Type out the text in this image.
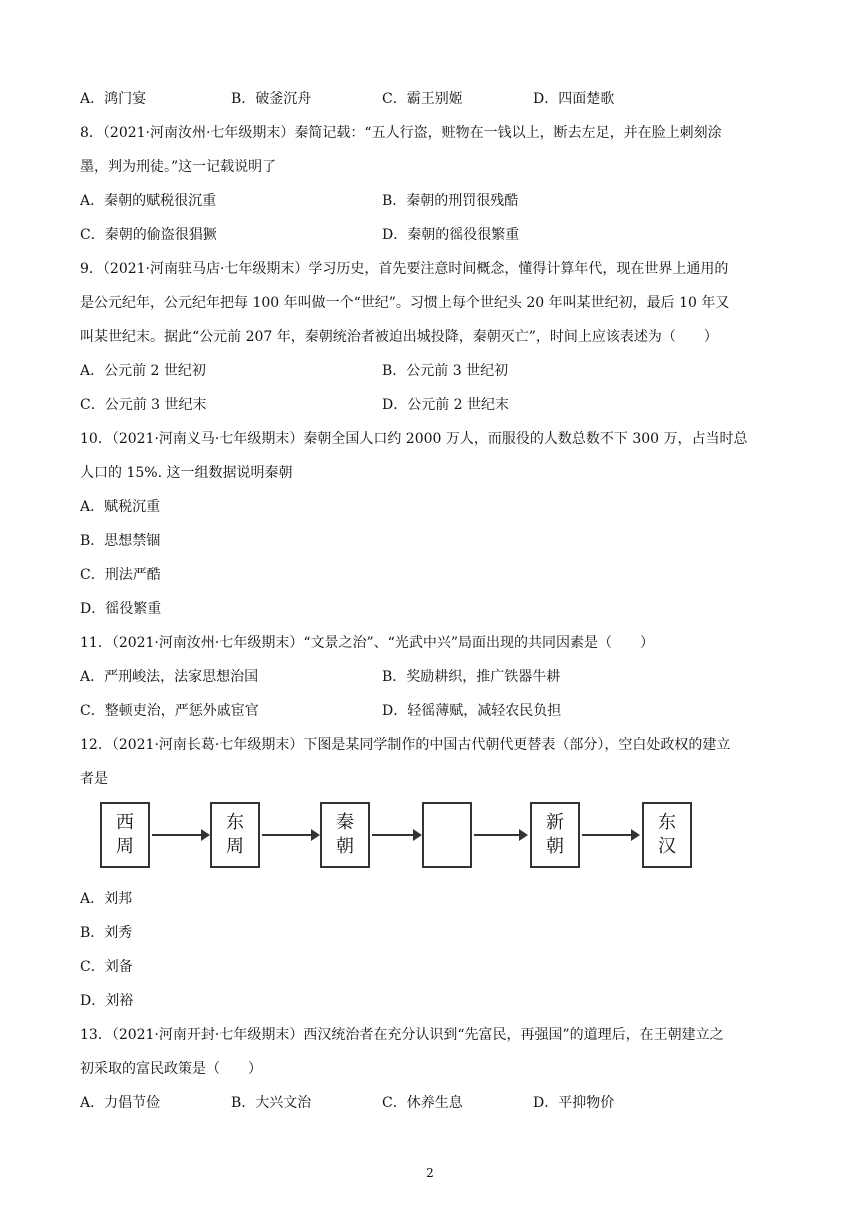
A．鸿门宴	B．破釜沉舟	C．霸王别姬	D．四面楚歌
8．（2021·河南汝州·七年级期末）秦简记载：“五人行盗，赃物在一钱以上，断去左足，并在脸上刺刻涂
墨，判为刑徒。”这一记载说明了
A．秦朝的赋税很沉重	B．秦朝的刑罚很残酷
C．秦朝的偷盗很猖獗	D．秦朝的徭役很繁重
9．（2021·河南驻马店·七年级期末）学习历史，首先要注意时间概念，懂得计算年代，现在世界上通用的
是公元纪年，公元纪年把每 100 年叫做一个“世纪”。习惯上每个世纪头 20 年叫某世纪初，最后 10 年又
叫某世纪末。据此“公元前 207 年，秦朝统治者被迫出城投降，秦朝灭亡”，时间上应该表述为（　　）
A．公元前 2 世纪初	B．公元前 3 世纪初
C．公元前 3 世纪末	D．公元前 2 世纪末
10．（2021·河南义马·七年级期末）秦朝全国人口约 2000 万人，而服役的人数总数不下 300 万，占当时总
人口的 15%. 这一组数据说明秦朝
A．赋税沉重
B．思想禁锢
C．刑法严酷
D．徭役繁重
11．（2021·河南汝州·七年级期末）“文景之治”、“光武中兴”局面出现的共同因素是（　　）
A．严刑峻法，法家思想治国	B．奖励耕织，推广铁器牛耕
C．整顿吏治，严惩外戚宦官	D．轻徭薄赋，减轻农民负担
12．（2021·河南长葛·七年级期末）下图是某同学制作的中国古代朝代更替表（部分），空白处政权的建立
者是
西
周
东
周
秦
朝
新
朝
东
汉
A．刘邦
B．刘秀
C．刘备
D．刘裕
13．（2021·河南开封·七年级期末）西汉统治者在充分认识到“先富民，再强国”的道理后，在王朝建立之
初采取的富民政策是（　　）
A．力倡节俭	B．大兴文治	C．休养生息	D．平抑物价
2
